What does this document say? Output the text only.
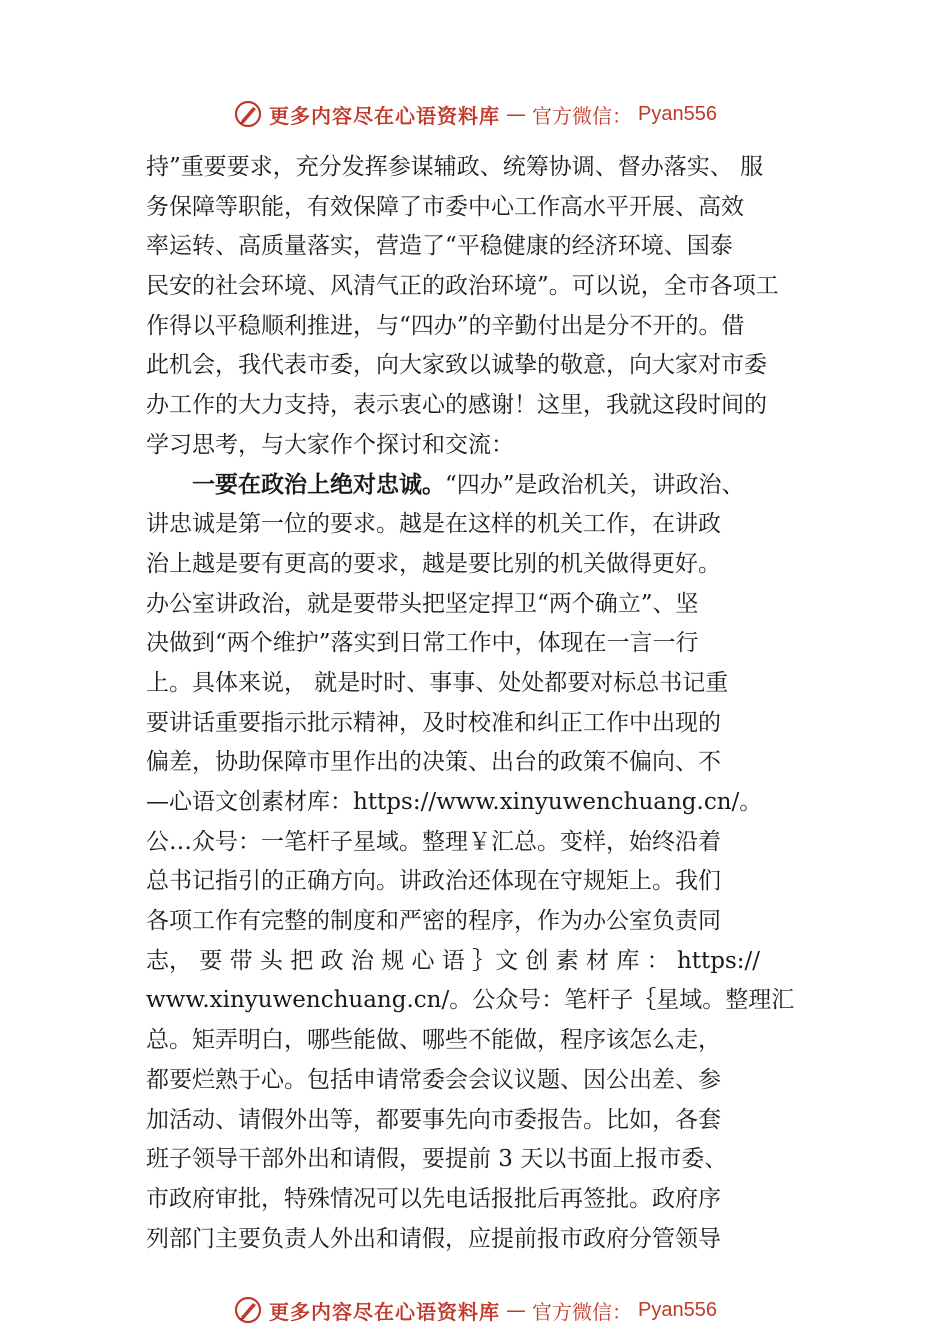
更多内容尽在心语资料库 — 官方微信： Pyan556
持”重要要求，充分发挥参谋辅政、统筹协调、督办落实、 服
务保障等职能，有效保障了市委中心工作高水平开展、高效
率运转、高质量落实，营造了“平稳健康的经济环境、国泰
民安的社会环境、风清气正的政治环境”。可以说，全市各项工
作得以平稳顺利推进，与“四办”的辛勤付出是分不开的。借
此机会，我代表市委，向大家致以诚挚的敬意，向大家对市委
办工作的大力支持，表示衷心的感谢！这里，我就这段时间的
学习思考，与大家作个探讨和交流：
一要在政治上绝对忠诚。“四办”是政治机关，讲政治、
讲忠诚是第一位的要求。越是在这样的机关工作，在讲政
治上越是要有更高的要求，越是要比别的机关做得更好。
办公室讲政治，就是要带头把坚定捍卫“两个确立”、坚
决做到“两个维护”落实到日常工作中，体现在一言一行
上。具体来说， 就是时时、事事、处处都要对标总书记重
要讲话重要指示批示精神，及时校准和纠正工作中出现的
偏差，协助保障市里作出的决策、出台的政策不偏向、不
—心语文创素材库：https://www.xinyuwenchuang.cn/。
公…众号：一笔杆子星域。整理￥汇总。变样，始终沿着
总书记指引的正确方向。讲政治还体现在守规矩上。我们
各项工作有完整的制度和严密的程序，作为办公室负责同
志， 要 带 头 把 政 治 规 心 语 ｝文 创 素 材 库 ： https://
www.xinyuwenchuang.cn/。公众号：笔杆子｛星域。整理汇
总。矩弄明白，哪些能做、哪些不能做，程序该怎么走，
都要烂熟于心。包括申请常委会会议议题、因公出差、参
加活动、请假外出等，都要事先向市委报告。比如，各套
班子领导干部外出和请假，要提前 3 天以书面上报市委、
市政府审批，特殊情况可以先电话报批后再签批。政府序
列部门主要负责人外出和请假，应提前报市政府分管领导
更多内容尽在心语资料库 — 官方微信： Pyan556
